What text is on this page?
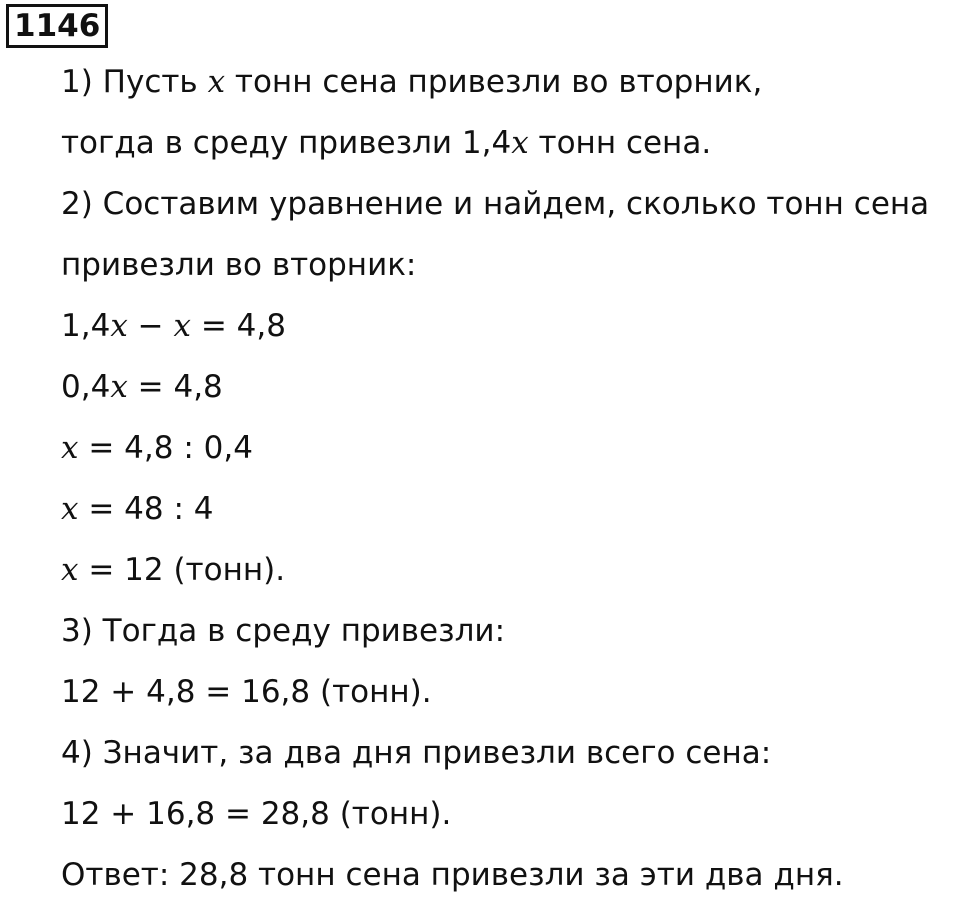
1146
1) Пусть x тонн сена привезли во вторник,
тогда в среду привезли 1,4x тонн сена.
2) Составим уравнение и найдем, сколько тонн сена
привезли во вторник:
1,4x − x = 4,8
0,4x = 4,8
x = 4,8 : 0,4
x = 48 : 4
x = 12 (тонн).
3) Тогда в среду привезли:
12 + 4,8 = 16,8 (тонн).
4) Значит, за два дня привезли всего сена:
12 + 16,8 = 28,8 (тонн).
Ответ: 28,8 тонн сена привезли за эти два дня.
